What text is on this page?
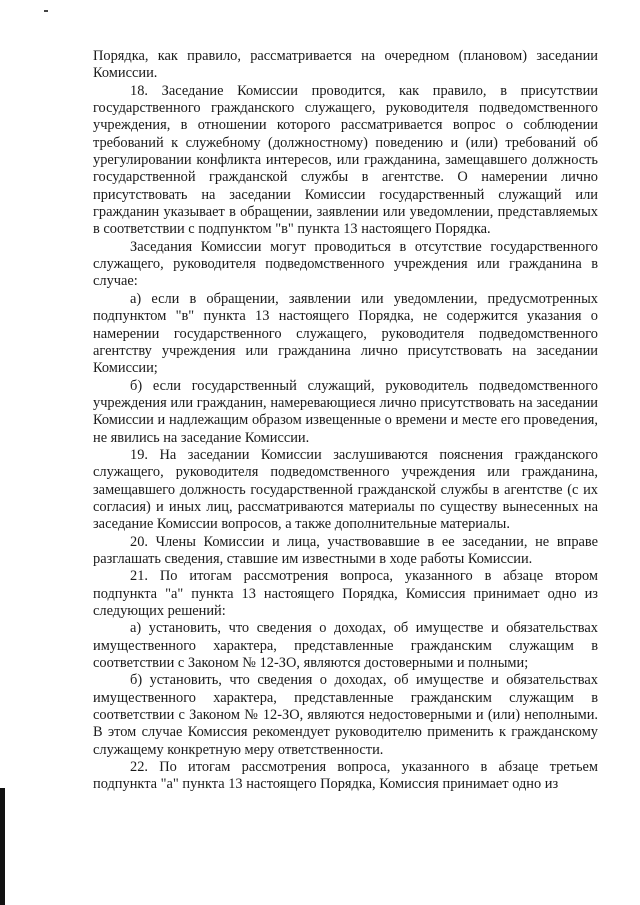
Порядка, как правило, рассматривается на очередном (плановом) заседании Комиссии.

18. Заседание Комиссии проводится, как правило, в присутствии государственного гражданского служащего, руководителя подведомственного учреждения, в отношении которого рассматривается вопрос о соблюдении требований к служебному (должностному) поведению и (или) требований об урегулировании конфликта интересов, или гражданина, замещавшего должность государственной гражданской службы в агентстве. О намерении лично присутствовать на заседании Комиссии государственный служащий или гражданин указывает в обращении, заявлении или уведомлении, представляемых в соответствии с подпунктом "в" пункта 13 настоящего Порядка.

Заседания Комиссии могут проводиться в отсутствие государственного служащего, руководителя подведомственного учреждения или гражданина в случае:

а) если в обращении, заявлении или уведомлении, предусмотренных подпунктом "в" пункта 13 настоящего Порядка, не содержится указания о намерении государственного служащего, руководителя подведомственного агентству учреждения или гражданина лично присутствовать на заседании Комиссии;

б) если государственный служащий, руководитель подведомственного учреждения или гражданин, намеревающиеся лично присутствовать на заседании Комиссии и надлежащим образом извещенные о времени и месте его проведения, не явились на заседание Комиссии.

19. На заседании Комиссии заслушиваются пояснения гражданского служащего, руководителя подведомственного учреждения или гражданина, замещавшего должность государственной гражданской службы в агентстве (с их согласия) и иных лиц, рассматриваются материалы по существу вынесенных на заседание Комиссии вопросов, а также дополнительные материалы.

20. Члены Комиссии и лица, участвовавшие в ее заседании, не вправе разглашать сведения, ставшие им известными в ходе работы Комиссии.

21. По итогам рассмотрения вопроса, указанного в абзаце втором подпункта "а" пункта 13 настоящего Порядка, Комиссия принимает одно из следующих решений:

а) установить, что сведения о доходах, об имуществе и обязательствах имущественного характера, представленные гражданским служащим в соответствии с Законом № 12-ЗО, являются достоверными и полными;

б) установить, что сведения о доходах, об имуществе и обязательствах имущественного характера, представленные гражданским служащим в соответствии с Законом № 12-ЗО, являются недостоверными и (или) неполными. В этом случае Комиссия рекомендует руководителю применить к гражданскому служащему конкретную меру ответственности.

22. По итогам рассмотрения вопроса, указанного в абзаце третьем подпункта "а" пункта 13 настоящего Порядка, Комиссия принимает одно из
